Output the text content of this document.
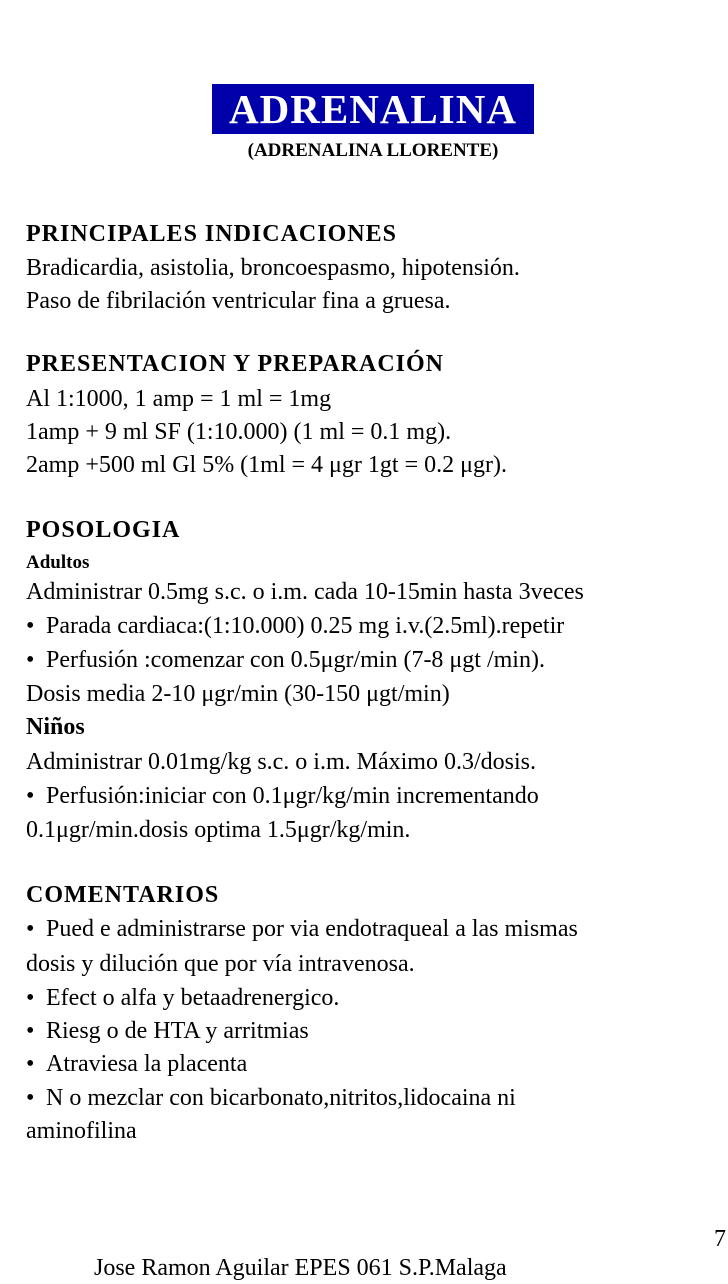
ADRENALINA
(ADRENALINA LLORENTE)
PRINCIPALES INDICACIONES
Bradicardia, asistolia, broncoespasmo, hipotensión.
Paso de fibrilación ventricular fina a gruesa.
PRESENTACION Y PREPARACIÓN
Al 1:1000, 1 amp = 1 ml = 1mg
1amp + 9 ml SF (1:10.000) (1 ml = 0.1 mg).
2amp +500 ml Gl 5% (1ml = 4 μgr 1gt = 0.2 μgr).
POSOLOGIA
Adultos
Administrar 0.5mg s.c. o i.m. cada 10-15min hasta 3veces
• Parada cardiaca:(1:10.000) 0.25 mg i.v.(2.5ml).repetir
• Perfusión :comenzar con 0.5μgr/min (7-8 μgt /min).
Dosis media 2-10 μgr/min (30-150 μgt/min)
Niños
Administrar 0.01mg/kg s.c. o i.m. Máximo 0.3/dosis.
• Perfusión:iniciar con 0.1μgr/kg/min incrementando
0.1μgr/min.dosis optima 1.5μgr/kg/min.
COMENTARIOS
• Pued e administrarse por via endotraqueal a las mismas
dosis y dilución que por vía intravenosa.
• Efect o alfa y betaadrenergico.
• Riesg o de HTA y arritmias
• Atraviesa la placenta
• N o mezclar con bicarbonato,nitritos,lidocaina ni
aminofilina
7
Jose Ramon Aguilar EPES 061 S.P.Malaga
